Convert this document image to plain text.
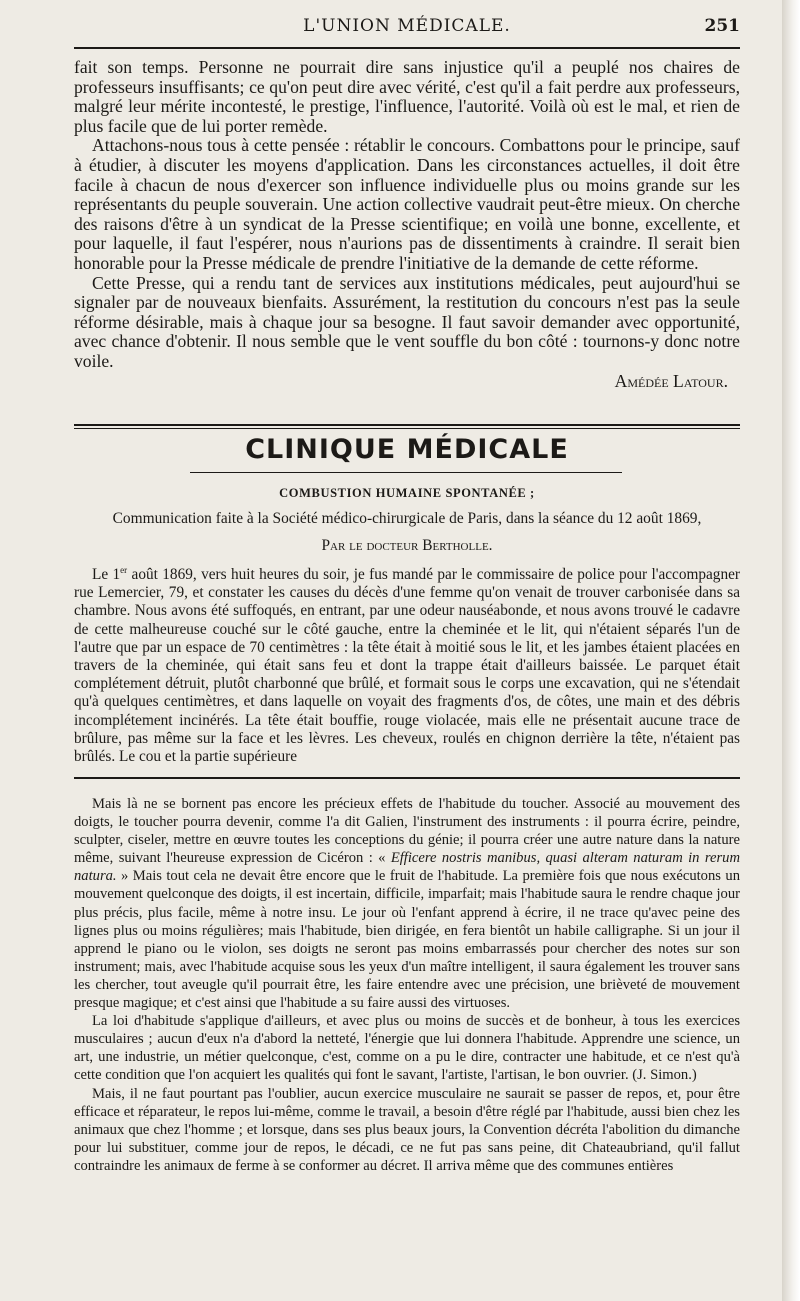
L'UNION MÉDICALE.	251

fait son temps. Personne ne pourrait dire sans injustice qu'il a peuplé nos chaires de professeurs insuffisants; ce qu'on peut dire avec vérité, c'est qu'il a fait perdre aux professeurs, malgré leur mérite incontesté, le prestige, l'influence, l'autorité. Voilà où est le mal, et rien de plus facile que de lui porter remède.

Attachons-nous tous à cette pensée : rétablir le concours. Combattons pour le principe, sauf à étudier, à discuter les moyens d'application. Dans les circonstances actuelles, il doit être facile à chacun de nous d'exercer son influence individuelle plus ou moins grande sur les représentants du peuple souverain. Une action collective vaudrait peut-être mieux. On cherche des raisons d'être à un syndicat de la Presse scientifique; en voilà une bonne, excellente, et pour laquelle, il faut l'espérer, nous n'aurions pas de dissentiments à craindre. Il serait bien honorable pour la Presse médicale de prendre l'initiative de la demande de cette réforme.

Cette Presse, qui a rendu tant de services aux institutions médicales, peut aujourd'hui se signaler par de nouveaux bienfaits. Assurément, la restitution du concours n'est pas la seule réforme désirable, mais à chaque jour sa besogne. Il faut savoir demander avec opportunité, avec chance d'obtenir. Il nous semble que le vent souffle du bon côté : tournons-y donc notre voile.

Amédée Latour.
CLINIQUE MÉDICALE
COMBUSTION HUMAINE SPONTANÉE ;
Communication faite à la Société médico-chirurgicale de Paris, dans la séance du 12 août 1869,
Par le docteur Bertholle.

Le 1er août 1869, vers huit heures du soir, je fus mandé par le commissaire de police pour l'accompagner rue Lemercier, 79, et constater les causes du décès d'une femme qu'on venait de trouver carbonisée dans sa chambre. Nous avons été suffoqués, en entrant, par une odeur nauséabonde, et nous avons trouvé le cadavre de cette malheureuse couché sur le côté gauche, entre la cheminée et le lit, qui n'étaient séparés l'un de l'autre que par un espace de 70 centimètres : la tête était à moitié sous le lit, et les jambes étaient placées en travers de la cheminée, qui était sans feu et dont la trappe était d'ailleurs baissée. Le parquet était complétement détruit, plutôt charbonné que brûlé, et formait sous le corps une excavation, qui ne s'étendait qu'à quelques centimètres, et dans laquelle on voyait des fragments d'os, de côtes, une main et des débris incomplétement incinérés. La tête était bouffie, rouge violacée, mais elle ne présentait aucune trace de brûlure, pas même sur la face et les lèvres. Les cheveux, roulés en chignon derrière la tête, n'étaient pas brûlés. Le cou et la partie supérieure

Mais là ne se bornent pas encore les précieux effets de l'habitude du toucher. Associé au mouvement des doigts, le toucher pourra devenir, comme l'a dit Galien, l'instrument des instruments : il pourra écrire, peindre, sculpter, ciseler, mettre en œuvre toutes les conceptions du génie; il pourra créer une autre nature dans la nature même, suivant l'heureuse expression de Cicéron : « Efficere nostris manibus, quasi alteram naturam in rerum natura. » Mais tout cela ne devait être encore que le fruit de l'habitude. La première fois que nous exécutons un mouvement quelconque des doigts, il est incertain, difficile, imparfait; mais l'habitude saura le rendre chaque jour plus précis, plus facile, même à notre insu. Le jour où l'enfant apprend à écrire, il ne trace qu'avec peine des lignes plus ou moins régulières; mais l'habitude, bien dirigée, en fera bientôt un habile calligraphe. Si un jour il apprend le piano ou le violon, ses doigts ne seront pas moins embarrassés pour chercher des notes sur son instrument; mais, avec l'habitude acquise sous les yeux d'un maître intelligent, il saura également les trouver sans les chercher, tout aveugle qu'il pourrait être, les faire entendre avec une précision, une brièveté de mouvement presque magique; et c'est ainsi que l'habitude a su faire aussi des virtuoses.

La loi d'habitude s'applique d'ailleurs, et avec plus ou moins de succès et de bonheur, à tous les exercices musculaires ; aucun d'eux n'a d'abord la netteté, l'énergie que lui donnera l'habitude. Apprendre une science, un art, une industrie, un métier quelconque, c'est, comme on a pu le dire, contracter une habitude, et ce n'est qu'à cette condition que l'on acquiert les qualités qui font le savant, l'artiste, l'artisan, le bon ouvrier. (J. Simon.)

Mais, il ne faut pourtant pas l'oublier, aucun exercice musculaire ne saurait se passer de repos, et, pour être efficace et réparateur, le repos lui-même, comme le travail, a besoin d'être réglé par l'habitude, aussi bien chez les animaux que chez l'homme ; et lorsque, dans ses plus beaux jours, la Convention décréta l'abolition du dimanche pour lui substituer, comme jour de repos, le décadi, ce ne fut pas sans peine, dit Chateaubriand, qu'il fallut contraindre les animaux de ferme à se conformer au décret. Il arriva même que des communes entières
